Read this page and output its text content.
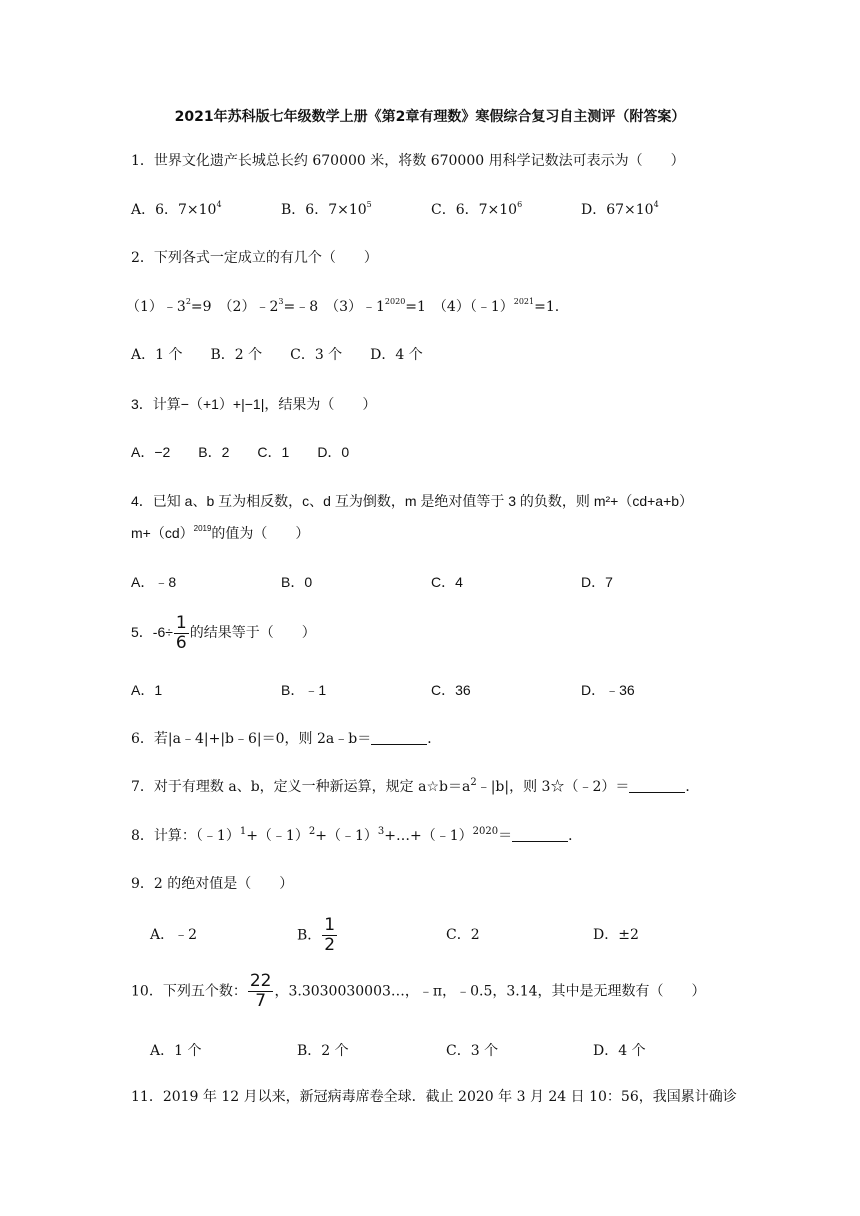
2021年苏科版七年级数学上册《第2章有理数》寒假综合复习自主测评（附答案）
1．世界文化遗产长城总长约 670000 米，将数 670000 用科学记数法可表示为（　　）
A．6．$7\times 10^4$	B．6．$7\times 10^5$	C．6．$7\times 10^6$	D．$67\times 10^4$
2．下列各式一定成立的有几个（　　）
$(1)﹣3^2=9$　$(2)﹣2^3=﹣8$　$(3)﹣1^{2020}=1$　（4）（﹣1）$^{2021}$=1.
A．1 个　　B．2 个　　C．3 个　　D．4 个
3．计算−（+1）+|−1|，结果为（　　）
A．−2　　B．2　　C．1　　D．0
4．已知 a、b 互为相反数，c、d 互为倒数，m 是绝对值等于 3 的负数，则 m²+（cd+a+b）
m+（cd）$^{2019}$的值为（　　）
A．﹣8	B．0	C．4	D．7
5．$-6\div \frac{1}{6}$ 的结果等于（　　）
A．1	B．﹣1	C．36	D．﹣36
6．若|a﹣4|+|b﹣6|＝0，则 2a﹣b＝	．
7．对于有理数 a、b，定义一种新运算，规定 $a☆b=a^2﹣|b|$，则 3☆（﹣2）＝	．
8．计算：（﹣1）$^1$+（﹣1）$^2$+（﹣1）$^3$+…+（﹣1）$^{2020}$＝	．
9．2 的绝对值是（　　）
A．﹣2	B． $\frac{1}{2}$	C．2	D．±2
10．下列五个数： $\frac{22}{7}$ ，3.3030030003…，﹣π，﹣0.5，3.14，其中是无理数有（　　）
A．1 个	B．2 个	C．3 个	D．4 个
11．2019 年 12 月以来，新冠病毒席卷全球．截止 2020 年 3 月 24 日 10：56，我国累计确诊
